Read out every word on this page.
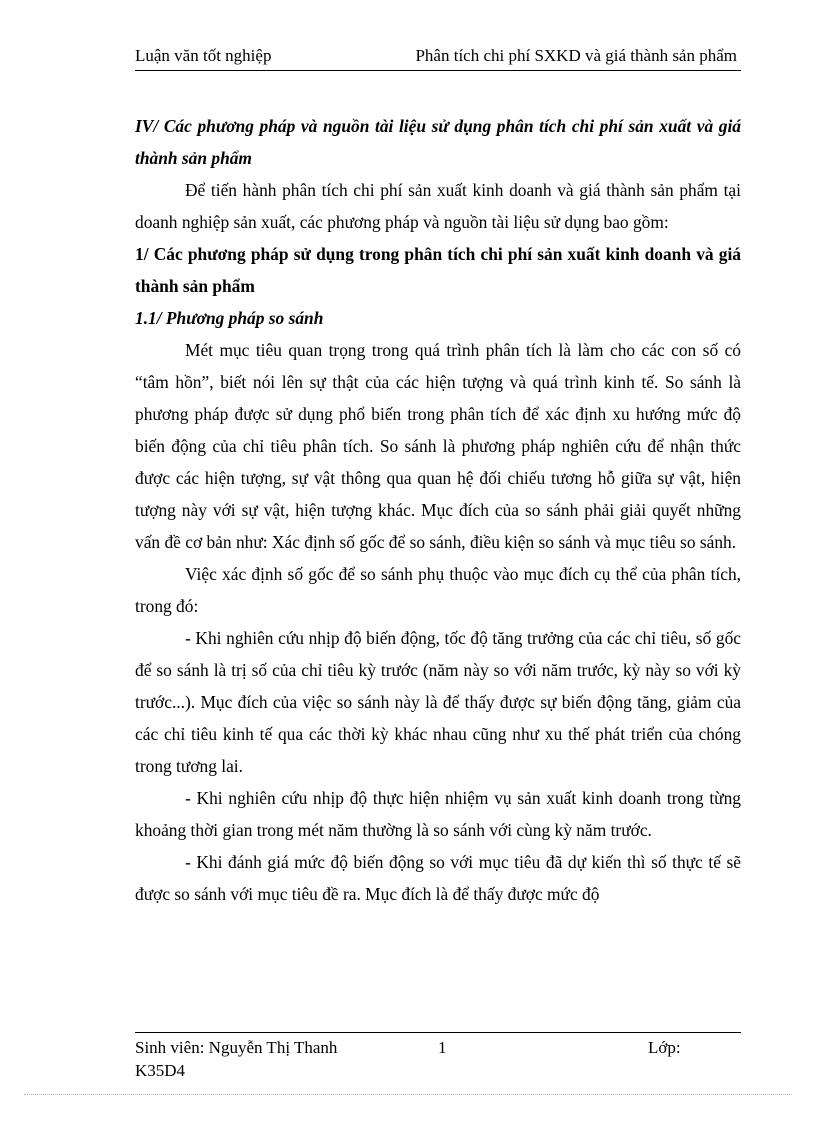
Luận văn tốt nghiệp	Phân tích chi phí SXKD và giá thành sản phẩm

IV/ Các phương pháp và nguồn tài liệu sử dụng phân tích chi phí sản xuất và giá thành sản phẩm

Để tiến hành phân tích chi phí sản xuất kinh doanh và giá thành sản phẩm tại doanh nghiệp sản xuất, các phương pháp và nguồn tài liệu sử dụng bao gồm:

1/ Các phương pháp sử dụng trong phân tích chi phí sản xuất kinh doanh và giá thành sản phẩm

1.1/ Phương pháp so sánh

Mét mục tiêu quan trọng trong quá trình phân tích là làm cho các con số có “tâm hồn”, biết nói lên sự thật của các hiện tượng và quá trình kinh tế. So sánh là phương pháp được sử dụng phổ biến trong phân tích để xác định xu hướng mức độ biến động của chỉ tiêu phân tích. So sánh là phương pháp nghiên cứu để nhận thức được các hiện tượng, sự vật thông qua quan hệ đối chiếu tương hỗ giữa sự vật, hiện tượng này với sự vật, hiện tượng khác. Mục đích của so sánh phải giải quyết những vấn đề cơ bản như: Xác định số gốc để so sánh, điều kiện so sánh và mục tiêu so sánh.

Việc xác định số gốc để so sánh phụ thuộc vào mục đích cụ thể của phân tích, trong đó:

- Khi nghiên cứu nhịp độ biến động, tốc độ tăng trưởng của các chỉ tiêu, số gốc để so sánh là trị số của chỉ tiêu kỳ trước (năm này so với năm trước, kỳ này so với kỳ trước...). Mục đích của việc so sánh này là để thấy được sự biến động tăng, giảm của các chỉ tiêu kinh tế qua các thời kỳ khác nhau cũng như xu thế phát triển của chóng trong tương lai.

- Khi nghiên cứu nhịp độ thực hiện nhiệm vụ sản xuất kinh doanh trong từng khoảng thời gian trong mét năm thường là so sánh với cùng kỳ năm trước.

- Khi đánh giá mức độ biến động so với mục tiêu đã dự kiến thì số thực tế sẽ được so sánh với mục tiêu đề ra. Mục đích là để thấy được mức độ

Sinh viên: Nguyễn Thị Thanh K35D4
1	Lớp:
